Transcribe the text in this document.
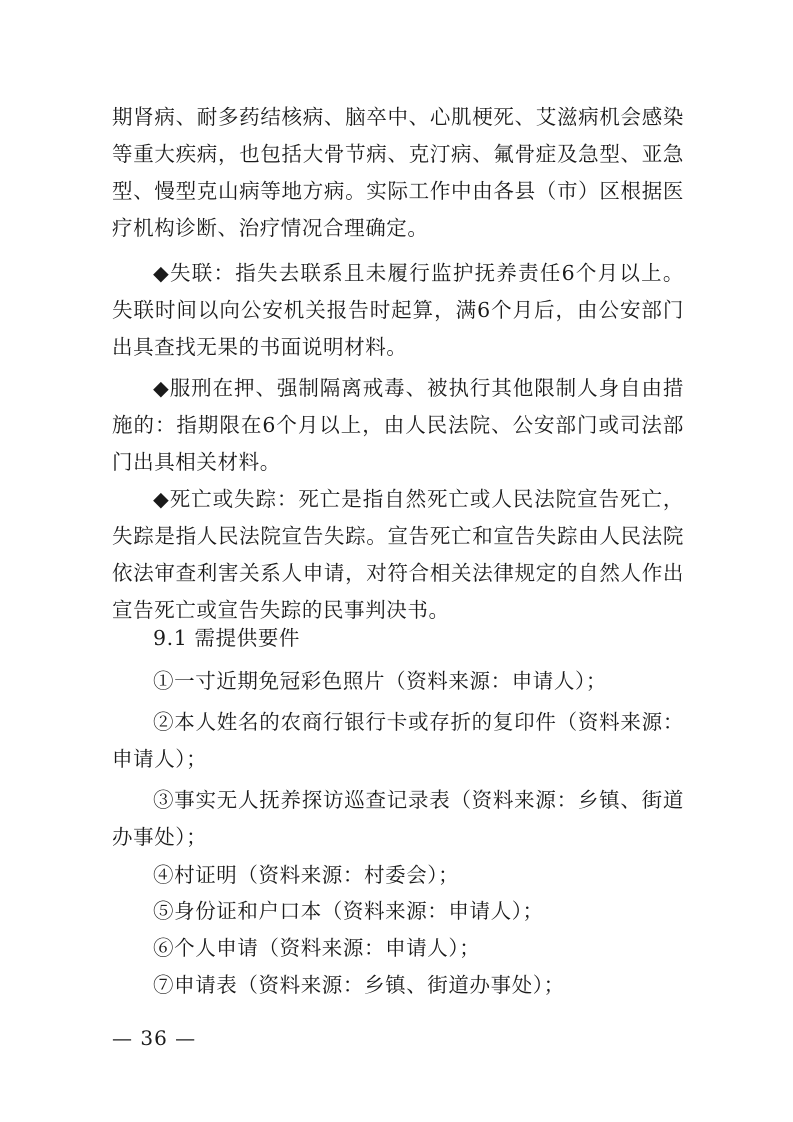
期肾病、耐多药结核病、脑卒中、心肌梗死、艾滋病机会感染等重大疾病，也包括大骨节病、克汀病、氟骨症及急型、亚急型、慢型克山病等地方病。实际工作中由各县（市）区根据医疗机构诊断、治疗情况合理确定。

◆失联：指失去联系且未履行监护抚养责任6个月以上。失联时间以向公安机关报告时起算，满6个月后，由公安部门出具查找无果的书面说明材料。

◆服刑在押、强制隔离戒毒、被执行其他限制人身自由措施的：指期限在6个月以上，由人民法院、公安部门或司法部门出具相关材料。

◆死亡或失踪：死亡是指自然死亡或人民法院宣告死亡，失踪是指人民法院宣告失踪。宣告死亡和宣告失踪由人民法院依法审查利害关系人申请，对符合相关法律规定的自然人作出宣告死亡或宣告失踪的民事判决书。

9.1 需提供要件

①一寸近期免冠彩色照片（资料来源：申请人）；

②本人姓名的农商行银行卡或存折的复印件（资料来源：申请人）；

③事实无人抚养探访巡查记录表（资料来源：乡镇、街道办事处）；

④村证明（资料来源：村委会）；

⑤身份证和户口本（资料来源：申请人）；

⑥个人申请（资料来源：申请人）；

⑦申请表（资料来源：乡镇、街道办事处）；

— 36 —
